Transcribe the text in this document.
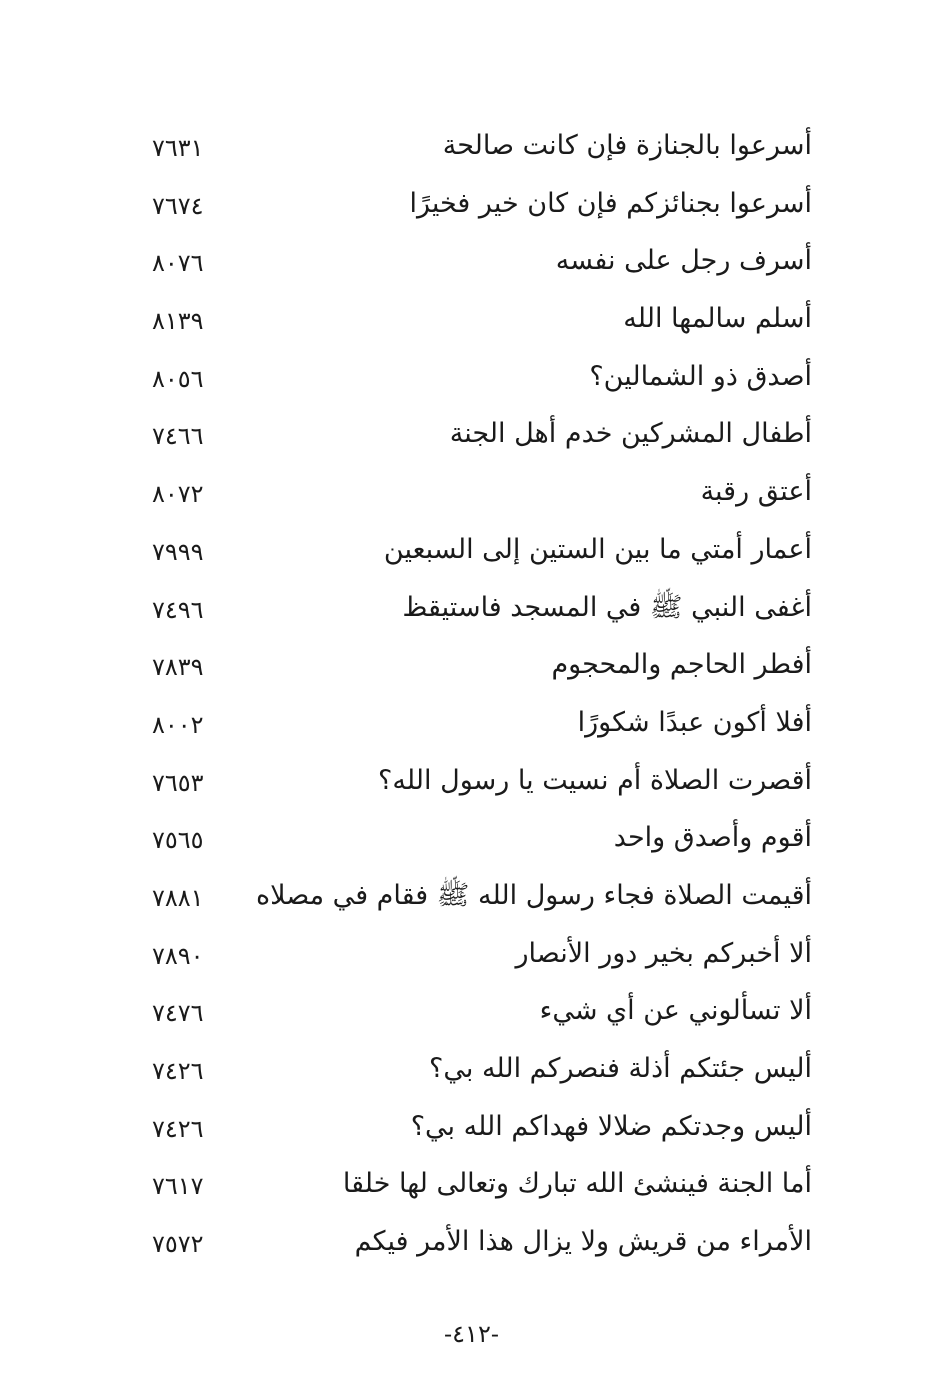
أسرعوا بالجنازة فإن كانت صالحة
٧٦٣١
أسرعوا بجنائزكم فإن كان خير فخيرًا
٧٦٧٤
أسرف رجل على نفسه
٨٠٧٦
أسلم سالمها الله
٨١٣٩
أصدق ذو الشمالين؟
٨٠٥٦
أطفال المشركين خدم أهل الجنة
٧٤٦٦
أعتق رقبة
٨٠٧٢
أعمار أمتي ما بين الستين إلى السبعين
٧٩٩٩
أغفى النبي ﷺ في المسجد فاستيقظ
٧٤٩٦
أفطر الحاجم والمحجوم
٧٨٣٩
أفلا أكون عبدًا شكورًا
٨٠٠٢
أقصرت الصلاة أم نسيت يا رسول الله؟
٧٦٥٣
أقوم وأصدق واحد
٧٥٦٥
أقيمت الصلاة فجاء رسول الله ﷺ فقام في مصلاه
٧٨٨١
ألا أخبركم بخير دور الأنصار
٧٨٩٠
ألا تسألوني عن أي شيء
٧٤٧٦
أليس جئتكم أذلة فنصركم الله بي؟
٧٤٢٦
أليس وجدتكم ضلالا فهداكم الله بي؟
٧٤٢٦
أما الجنة فينشئ الله تبارك وتعالى لها خلقا
٧٦١٧
الأمراء من قريش ولا يزال هذا الأمر فيكم
٧٥٧٢
-٤١٢-
